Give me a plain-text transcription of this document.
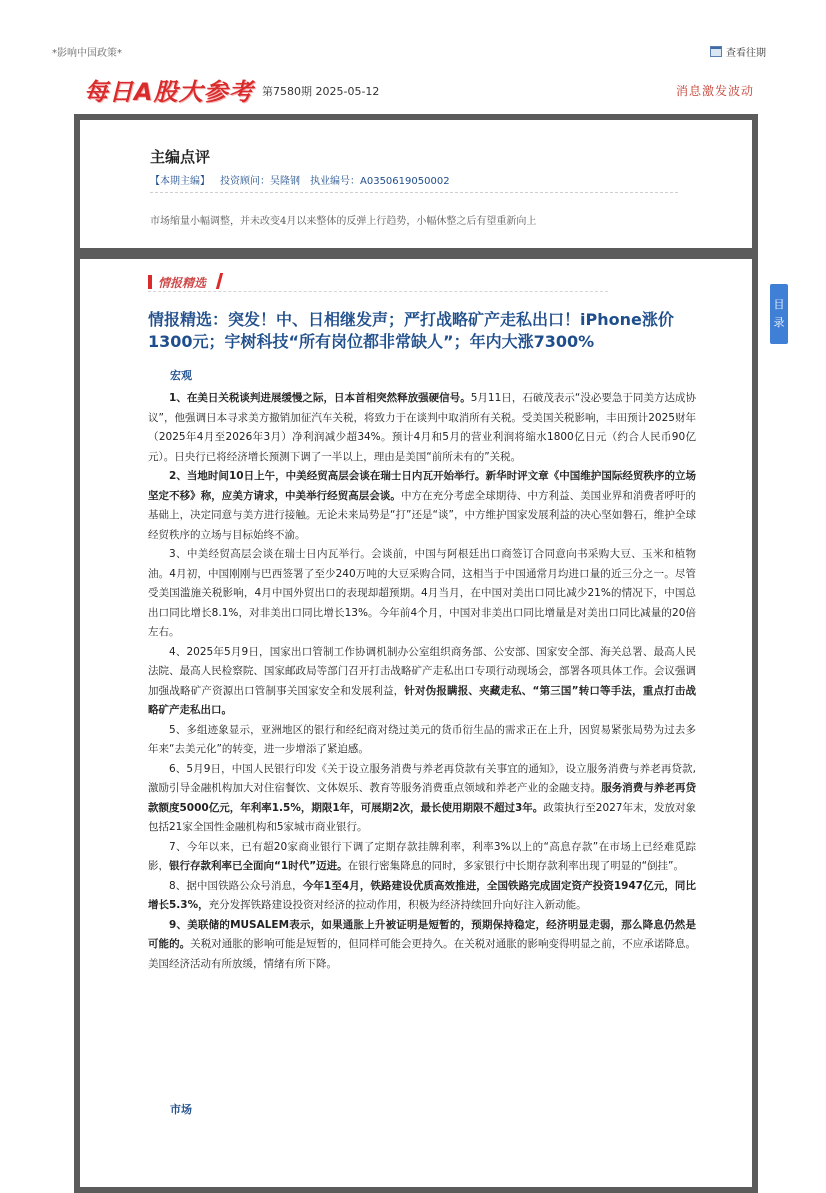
*影响中国政策*	查看往期
每日A股大参考 第7580期 2025-05-12	消息激发波动
主编点评
【本期主编】 投资顾问：吴隆钢 执业编号：A0350619050002
市场缩量小幅调整，并未改变4月以来整体的反弹上行趋势，小幅休整之后有望重新向上
情报精选
情报精选：突发！中、日相继发声；严打战略矿产走私出口！iPhone涨价1300元；宇树科技“所有岗位都非常缺人”；年内大涨7300%
宏观

1、在美日关税谈判进展缓慢之际，日本首相突然释放强硬信号。5月11日，石破茂表示“没必要急于同美方达成协议”，他强调日本寻求美方撤销加征汽车关税，将致力于在谈判中取消所有关税。受美国关税影响，丰田预计2025财年（2025年4月至2026年3月）净利润减少超34%。预计4月和5月的营业利润将缩水1800亿日元（约合人民币90亿元）。日央行已将经济增长预测下调了一半以上，理由是美国“前所未有的”关税。

2、当地时间10日上午，中美经贸高层会谈在瑞士日内瓦开始举行。新华时评文章《中国维护国际经贸秩序的立场坚定不移》称，应美方请求，中美举行经贸高层会谈。中方在充分考虑全球期待、中方利益、美国业界和消费者呼吁的基础上，决定同意与美方进行接触。无论未来局势是“打”还是“谈”，中方维护国家发展利益的决心坚如磐石，维护全球经贸秩序的立场与目标始终不渝。

3、中美经贸高层会谈在瑞士日内瓦举行。会谈前，中国与阿根廷出口商签订合同意向书采购大豆、玉米和植物油。4月初，中国刚刚与巴西签署了至少240万吨的大豆采购合同，这相当于中国通常月均进口量的近三分之一。尽管受美国滥施关税影响，4月中国外贸出口的表现却超预期。4月当月，在中国对美出口同比减少21%的情况下，中国总出口同比增长8.1%，对非美出口同比增长13%。今年前4个月，中国对非美出口同比增量是对美出口同比减量的20倍左右。

4、2025年5月9日，国家出口管制工作协调机制办公室组织商务部、公安部、国家安全部、海关总署、最高人民法院、最高人民检察院、国家邮政局等部门召开打击战略矿产走私出口专项行动现场会，部署各项具体工作。会议强调加强战略矿产资源出口管制事关国家安全和发展利益，针对伪报瞒报、夹藏走私、“第三国”转口等手法，重点打击战略矿产走私出口。

5、多组迹象显示，亚洲地区的银行和经纪商对绕过美元的货币衍生品的需求正在上升，因贸易紧张局势为过去多年来“去美元化”的转变，进一步增添了紧迫感。

6、5月9日，中国人民银行印发《关于设立服务消费与养老再贷款有关事宜的通知》，设立服务消费与养老再贷款,激励引导金融机构加大对住宿餐饮、文体娱乐、教育等服务消费重点领域和养老产业的金融支持。服务消费与养老再贷款额度5000亿元，年利率1.5%，期限1年，可展期2次，最长使用期限不超过3年。政策执行至2027年末，发放对象包括21家全国性金融机构和5家城市商业银行。

7、今年以来，已有超20家商业银行下调了定期存款挂牌利率，利率3%以上的“高息存款”在市场上已经难觅踪影，银行存款利率已全面向“1时代”迈进。在银行密集降息的同时，多家银行中长期存款利率出现了明显的“倒挂”。

8、据中国铁路公众号消息，今年1至4月，铁路建设优质高效推进，全国铁路完成固定资产投资1947亿元，同比增长5.3%，充分发挥铁路建设投资对经济的拉动作用，积极为经济持续回升向好注入新动能。

9、美联储的MUSALEM表示，如果通胀上升被证明是短暂的，预期保持稳定，经济明显走弱，那么降息仍然是可能的。关税对通胀的影响可能是短暂的，但同样可能会更持久。在关税对通胀的影响变得明显之前，不应承诺降息。美国经济活动有所放缓，情绪有所下降。

市场
目
录
